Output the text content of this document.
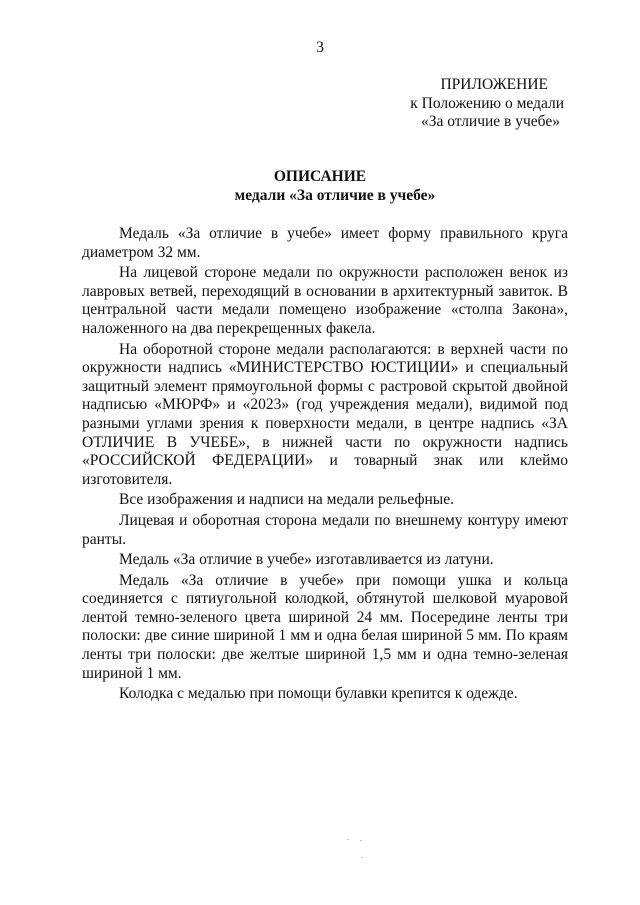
3
ПРИЛОЖЕНИЕ
к Положению о медали
«За отличие в учебе»
ОПИСАНИЕ
медали «За отличие в учебе»

Медаль «За отличие в учебе» имеет форму правильного круга диаметром 32 мм.

На лицевой стороне медали по окружности расположен венок из лавровых ветвей, переходящий в основании в архитектурный завиток. В центральной части медали помещено изображение «столпа Закона», наложенного на два перекрещенных факела.

На оборотной стороне медали располагаются: в верхней части по окружности надпись «МИНИСТЕРСТВО ЮСТИЦИИ» и специальный защитный элемент прямоугольной формы с растровой скрытой двойной надписью «МЮРФ» и «2023» (год учреждения медали), видимой под разными углами зрения к поверхности медали, в центре надпись «ЗА ОТЛИЧИЕ В УЧЕБЕ», в нижней части по окружности надпись «РОССИЙСКОЙ ФЕДЕРАЦИИ» и товарный знак или клеймо изготовителя.

Все изображения и надписи на медали рельефные.

Лицевая и оборотная сторона медали по внешнему контуру имеют ранты.

Медаль «За отличие в учебе» изготавливается из латуни.

Медаль «За отличие в учебе» при помощи ушка и кольца соединяется с пятиугольной колодкой, обтянутой шелковой муаровой лентой темно-зеленого цвета шириной 24 мм. Посередине ленты три полоски: две синие шириной 1 мм и одна белая шириной 5 мм. По краям ленты три полоски: две желтые шириной 1,5 мм и одна темно-зеленая шириной 1 мм.

Колодка с медалью при помощи булавки крепится к одежде.
